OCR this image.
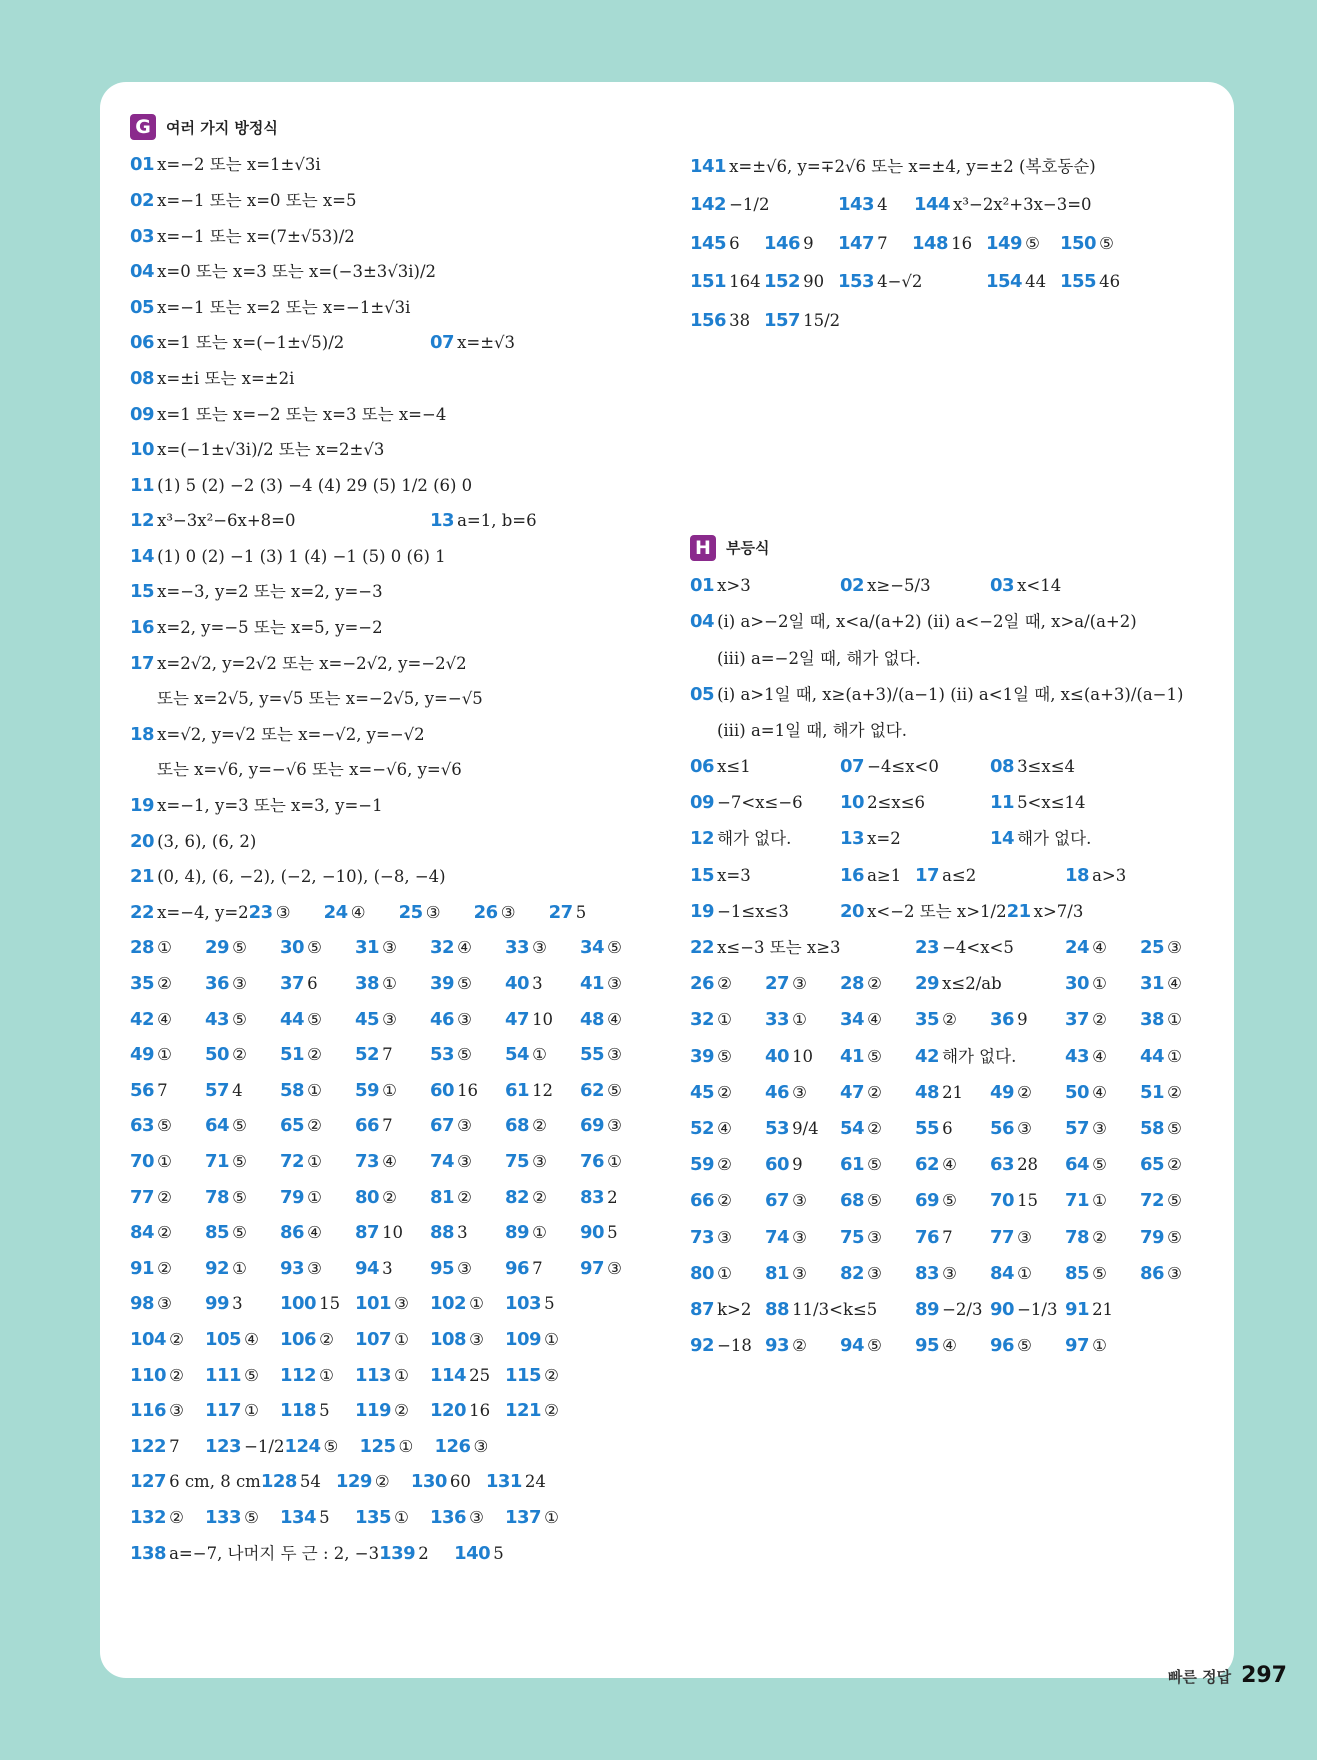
G	여러 가지 방정식
01 x=−2 또는 x=1±√3i
02 x=−1 또는 x=0 또는 x=5
03 x=−1 또는 x=(7±√53)/2
04 x=0 또는 x=3 또는 x=(−3±3√3i)/2
05 x=−1 또는 x=2 또는 x=−1±√3i
06 x=1 또는 x=(−1±√5)/2	07 x=±√3
08 x=±i 또는 x=±2i
09 x=1 또는 x=−2 또는 x=3 또는 x=−4
10 x=(−1±√3i)/2 또는 x=2±√3
11 (1) 5 (2) −2 (3) −4 (4) 29 (5) 1/2 (6) 0
12 x³−3x²−6x+8=0	13 a=1, b=6
14 (1) 0 (2) −1 (3) 1 (4) −1 (5) 0 (6) 1
15 x=−3, y=2 또는 x=2, y=−3
16 x=2, y=−5 또는 x=5, y=−2
17 x=2√2, y=2√2 또는 x=−2√2, y=−2√2
또는 x=2√5, y=√5 또는 x=−2√5, y=−√5
18 x=√2, y=√2 또는 x=−√2, y=−√2
또는 x=√6, y=−√6 또는 x=−√6, y=√6
19 x=−1, y=3 또는 x=3, y=−1
20 (3, 6), (6, 2)
21 (0, 4), (6, −2), (−2, −10), (−8, −4)
22 x=−4, y=2 23 ③	24 ④	25 ③	26 ③	27 5
28 ①	29 ⑤	30 ⑤	31 ③	32 ④	33 ③	34 ⑤
35 ②	36 ③	37 6	38 ①	39 ⑤	40 3	41 ③
42 ④	43 ⑤	44 ⑤	45 ③	46 ③	47 10	48 ④
49 ①	50 ②	51 ②	52 7	53 ⑤	54 ①	55 ③
56 7	57 4	58 ①	59 ①	60 16	61 12	62 ⑤
63 ⑤	64 ⑤	65 ②	66 7	67 ③	68 ②	69 ③
70 ①	71 ⑤	72 ①	73 ④	74 ③	75 ③	76 ①
77 ②	78 ⑤	79 ①	80 ②	81 ②	82 ②	83 2
84 ②	85 ⑤	86 ④	87 10	88 3	89 ①	90 5
91 ②	92 ①	93 ③	94 3	95 ③	96 7	97 ③
98 ③	99 3	100 15 101 ③	102 ①	103 5
104 ②	105 ④	106 ②	107 ①	108 ③	109 ①
110 ②	111 ⑤	112 ①	113 ①	114 25 115 ②
116 ③	117 ①	118 5	119 ②	120 16 121 ②
122 7	123 −1/2 124 ⑤	125 ①	126 ③
127 6 cm, 8 cm 128 54 129 ②	130 60 131 24
132 ②	133 ⑤	134 5	135 ①	136 ③	137 ①
138 a=−7, 나머지 두 근 : 2, −3 139 2	140 5
141 x=±√6, y=∓2√6 또는 x=±4, y=±2 (복호동순)
142 −1/2	143 4	144 x³−2x²+3x−3=0
145 6	146 9	147 7	148 16 149 ⑤	150 ⑤
151 164 152 90 153 4−√2	154 44 155 46
156 38 157 15/2
H	부등식
01 x>3	02 x≥−5/3	03 x<14
04 (ⅰ) a>−2일 때, x<a/(a+2) (ⅱ) a<−2일 때, x>a/(a+2)
(ⅲ) a=−2일 때, 해가 없다.
05 (ⅰ) a>1일 때, x≥(a+3)/(a−1) (ⅱ) a<1일 때, x≤(a+3)/(a−1)
(ⅲ) a=1일 때, 해가 없다.
06 x≤1	07 −4≤x<0	08 3≤x≤4
09 −7<x≤−6	10 2≤x≤6	11 5<x≤14
12 해가 없다.	13 x=2	14 해가 없다.
15 x=3	16 a≥1 17 a≤2	18 a>3
19 −1≤x≤3	20 x<−2 또는 x>1/2 21 x>7/3
22 x≤−3 또는 x≥3	23 −4<x<5	24 ④	25 ③
26 ②	27 ③	28 ②	29 x≤2/ab	30 ①	31 ④
32 ①	33 ①	34 ④	35 ②	36 9	37 ②	38 ①
39 ⑤	40 10	41 ⑤	42 해가 없다.	43 ④	44 ①
45 ②	46 ③	47 ②	48 21	49 ②	50 ④	51 ②
52 ④	53 9/4	54 ②	55 6	56 ③	57 ③	58 ⑤
59 ②	60 9	61 ⑤	62 ④	63 28	64 ⑤	65 ②
66 ②	67 ③	68 ⑤	69 ⑤	70 15	71 ①	72 ⑤
73 ③	74 ③	75 ③	76 7	77 ③	78 ②	79 ⑤
80 ①	81 ③	82 ③	83 ③	84 ①	85 ⑤	86 ③
87 k>2 88 11/3<k≤5	89 −2/3 90 −1/3 91 21
92 −18 93 ②	94 ⑤	95 ④	96 ⑤	97 ①
빠른 정답 297
